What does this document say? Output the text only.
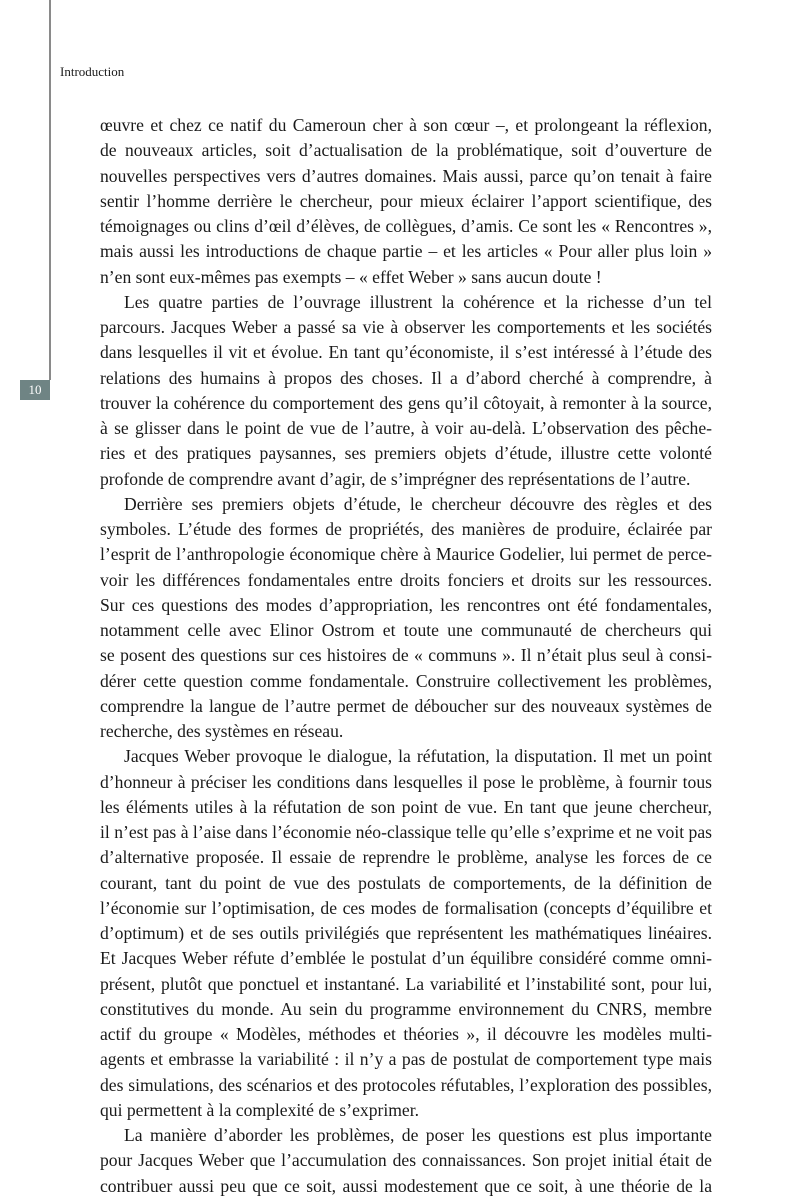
10
Introduction
œuvre et chez ce natif du Cameroun cher à son cœur –, et prolongeant la réflexion,
de nouveaux articles, soit d’actualisation de la problématique, soit d’ouverture de
nouvelles perspectives vers d’autres domaines. Mais aussi, parce qu’on tenait à faire
sentir l’homme derrière le chercheur, pour mieux éclairer l’apport scientifique, des
témoignages ou clins d’œil d’élèves, de collègues, d’amis. Ce sont les « Rencontres »,
mais aussi les introductions de chaque partie – et les articles « Pour aller plus loin »
n’en sont eux-mêmes pas exempts – « effet Weber » sans aucun doute !
Les quatre parties de l’ouvrage illustrent la cohérence et la richesse d’un tel
parcours. Jacques Weber a passé sa vie à observer les comportements et les sociétés
dans lesquelles il vit et évolue. En tant qu’économiste, il s’est intéressé à l’étude des
relations des humains à propos des choses. Il a d’abord cherché à comprendre, à
trouver la cohérence du comportement des gens qu’il côtoyait, à remonter à la source,
à se glisser dans le point de vue de l’autre, à voir au-delà. L’observation des pêche-
ries et des pratiques paysannes, ses premiers objets d’étude, illustre cette volonté
profonde de comprendre avant d’agir, de s’imprégner des représentations de l’autre.
Derrière ses premiers objets d’étude, le chercheur découvre des règles et des
symboles. L’étude des formes de propriétés, des manières de produire, éclairée par
l’esprit de l’anthropologie économique chère à Maurice Godelier, lui permet de perce-
voir les différences fondamentales entre droits fonciers et droits sur les ressources.
Sur ces questions des modes d’appropriation, les rencontres ont été fondamentales,
notamment celle avec Elinor Ostrom et toute une communauté de chercheurs qui
se posent des questions sur ces histoires de « communs ». Il n’était plus seul à consi-
dérer cette question comme fondamentale. Construire collectivement les problèmes,
comprendre la langue de l’autre permet de déboucher sur des nouveaux systèmes de
recherche, des systèmes en réseau.
Jacques Weber provoque le dialogue, la réfutation, la disputation. Il met un point
d’honneur à préciser les conditions dans lesquelles il pose le problème, à fournir tous
les éléments utiles à la réfutation de son point de vue. En tant que jeune chercheur,
il n’est pas à l’aise dans l’économie néo-classique telle qu’elle s’exprime et ne voit pas
d’alternative proposée. Il essaie de reprendre le problème, analyse les forces de ce
courant, tant du point de vue des postulats de comportements, de la définition de
l’économie sur l’optimisation, de ces modes de formalisation (concepts d’équilibre et
d’optimum) et de ses outils privilégiés que représentent les mathématiques linéaires.
Et Jacques Weber réfute d’emblée le postulat d’un équilibre considéré comme omni-
présent, plutôt que ponctuel et instantané. La variabilité et l’instabilité sont, pour lui,
constitutives du monde. Au sein du programme environnement du CNRS, membre
actif du groupe « Modèles, méthodes et théories », il découvre les modèles multi-
agents et embrasse la variabilité : il n’y a pas de postulat de comportement type mais
des simulations, des scénarios et des protocoles réfutables, l’exploration des possibles,
qui permettent à la complexité de s’exprimer.
La manière d’aborder les problèmes, de poser les questions est plus importante
pour Jacques Weber que l’accumulation des connaissances. Son projet initial était de
contribuer aussi peu que ce soit, aussi modestement que ce soit, à une théorie de la
